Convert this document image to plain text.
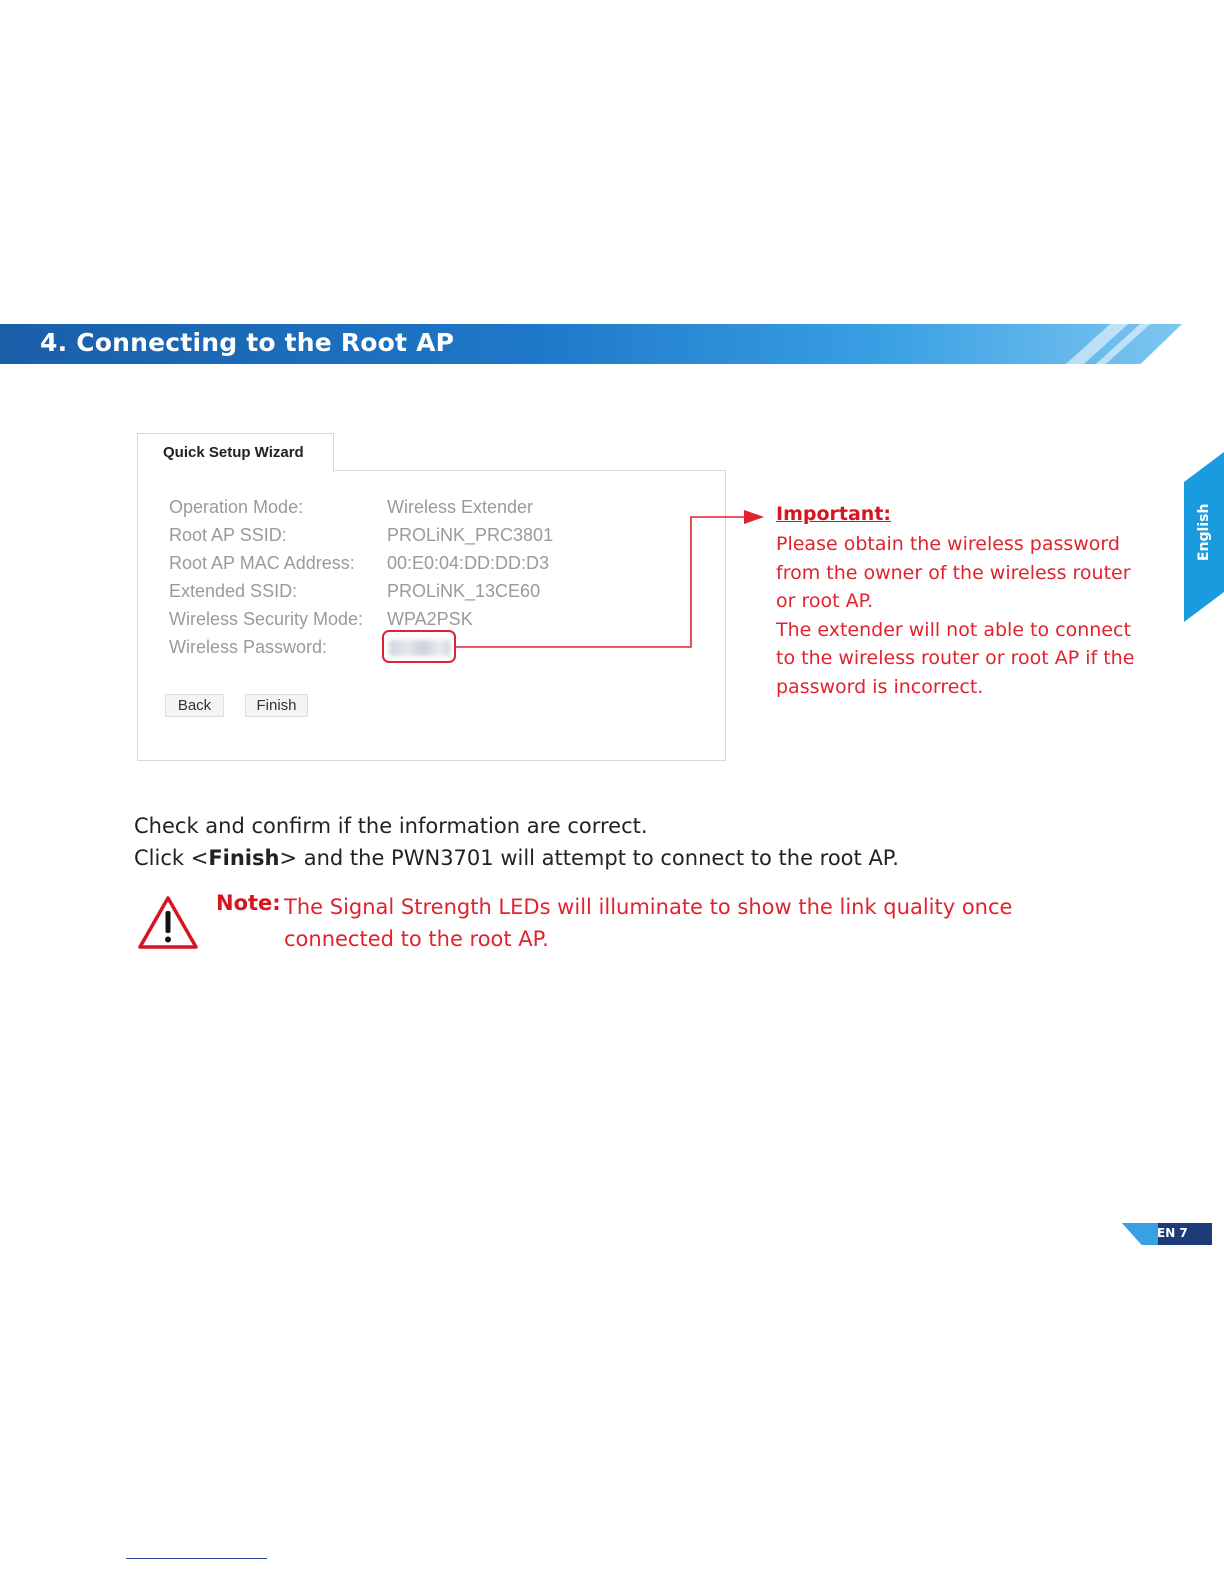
4. Connecting to the Root AP
English
Quick Setup Wizard
Operation Mode:	Wireless Extender
Root AP SSID:	PROLiNK_PRC3801
Root AP MAC Address: 00:E0:04:DD:DD:D3
Extended SSID:	PROLiNK_13CE60
Wireless Security Mode: WPA2PSK
Wireless Password:
Back	Finish
Important:
Please obtain the wireless password
from the owner of the wireless router
or root AP.
The extender will not able to connect
to the wireless router or root AP if the
password is incorrect.
Check and confirm if the information are correct.
Click <Finish> and the PWN3701 will attempt to connect to the root AP.
Note: The Signal Strength LEDs will illuminate to show the link quality once
connected to the root AP.
EN 7
